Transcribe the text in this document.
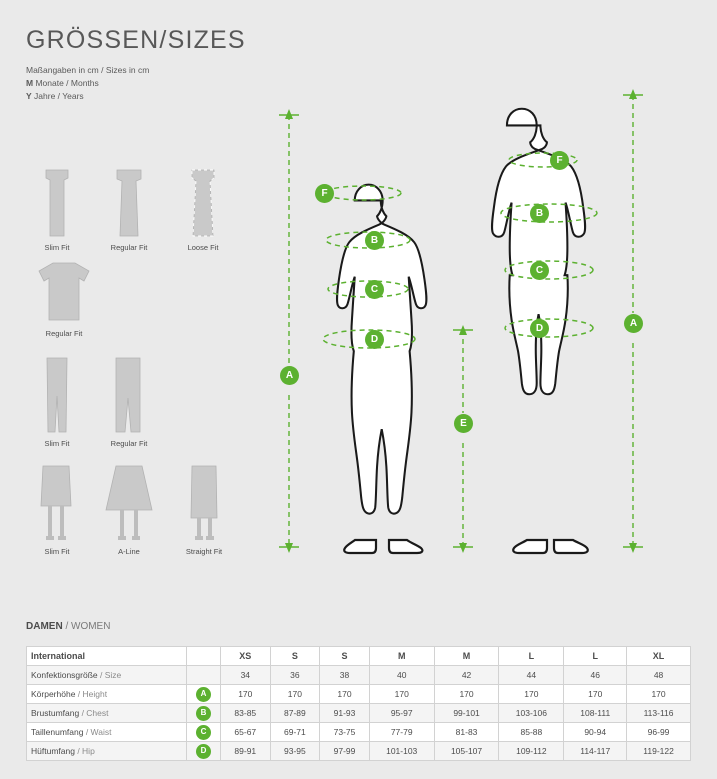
GRÖSSEN/SIZES
Maßangaben in cm / Sizes in cm
M Monate / Months
Y Jahre / Years
Slim Fit	Regular Fit	Loose Fit
Regular Fit
Slim Fit	Regular Fit
Slim Fit	A-Line	Straight Fit
F
B
C
D
A
F
B
C
D	A
E
DAMEN / WOMEN
International		XS	S	S	M	M	L	L	XL
Konfektionsgröße / Size		34	36	38	40	42	44	46	48
Körperhöhe / Height	A	170	170	170	170	170	170	170	170
Brustumfang / Chest	B	83-85	87-89	91-93	95-97	99-101	103-106	108-111	113-116
Taillenumfang / Waist	C	65-67	69-71	73-75	77-79	81-83	85-88	90-94	96-99
Hüftumfang / Hip	D	89-91	93-95	97-99	101-103	105-107	109-112	114-117	119-122
